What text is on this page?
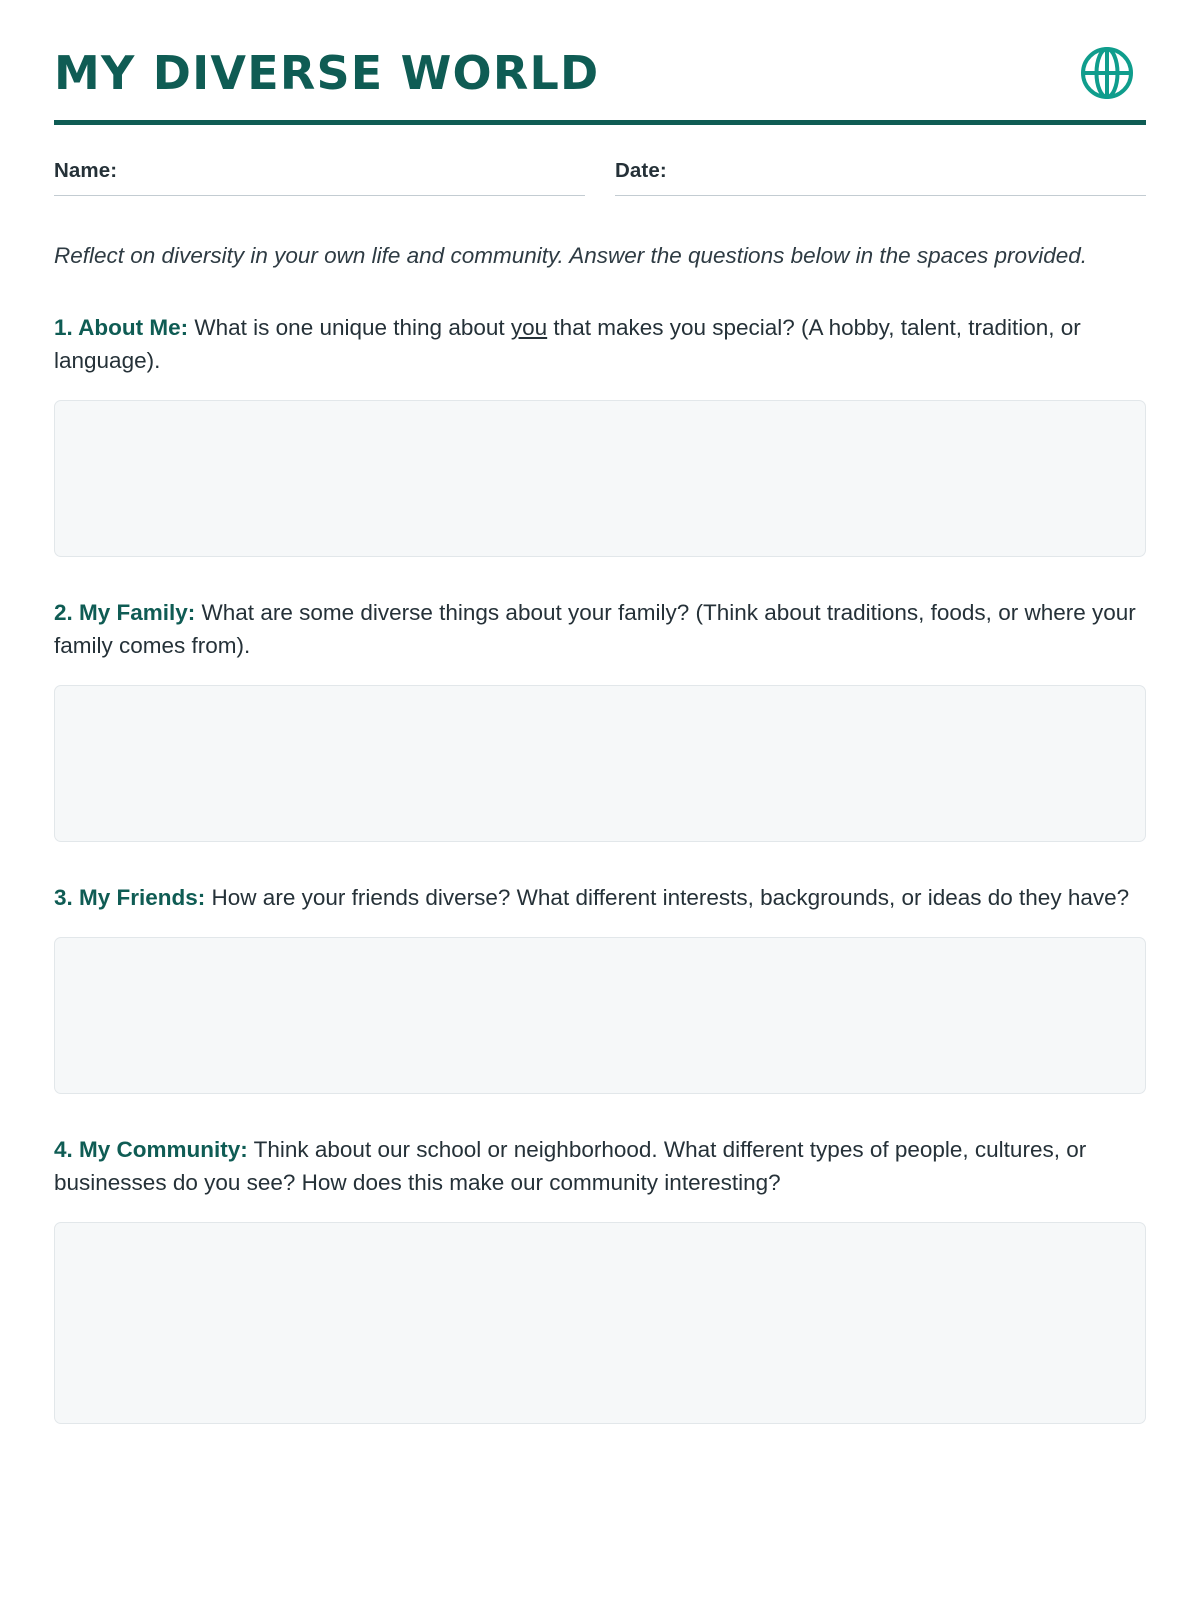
MY DIVERSE WORLD
Name:	Date:

Reflect on diversity in your own life and community. Answer the questions below in the spaces provided.

1. About Me: What is one unique thing about you that makes you special? (A hobby, talent, tradition, or language).

2. My Family: What are some diverse things about your family? (Think about traditions, foods, or where your family comes from).

3. My Friends: How are your friends diverse? What different interests, backgrounds, or ideas do they have?

4. My Community: Think about our school or neighborhood. What different types of people, cultures, or businesses do you see? How does this make our community interesting?
